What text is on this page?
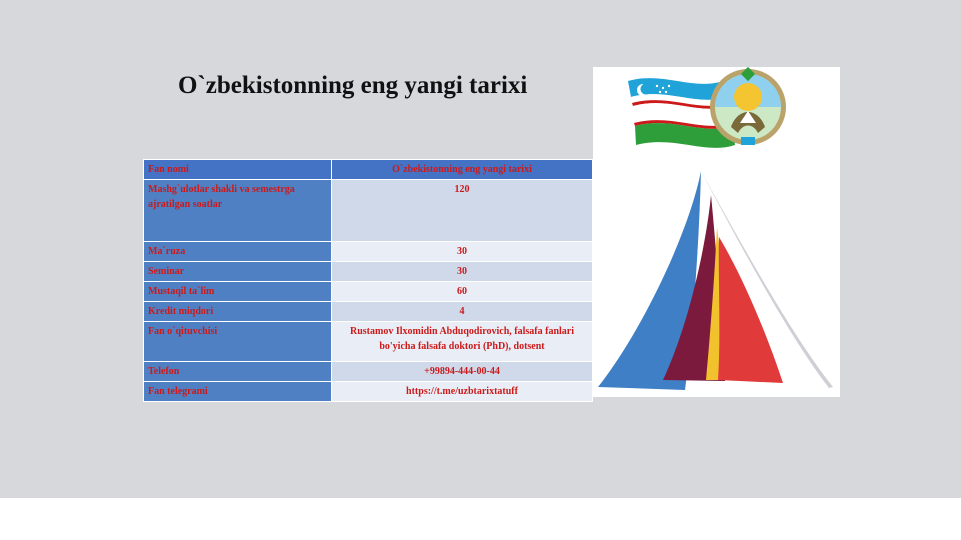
O`zbekistonning eng yangi tarixi
Fan nomi	O`zbekistonning eng yangi tarixi
Mashg`ulotlar shakli va semestrga ajratilgan soatlar	120
Ma`ruza	30
Seminar	30
Mustaqil ta`lim	60
Kredit miqdori	4
Fan o`qituvchisi	Rustamov Ilxomidin Abduqodirovich, falsafa fanlari bo'yicha falsafa doktori (PhD), dotsent
Telefon	+99894-444-00-44
Fan telegrami	https://t.me/uzbtarixtatuff
